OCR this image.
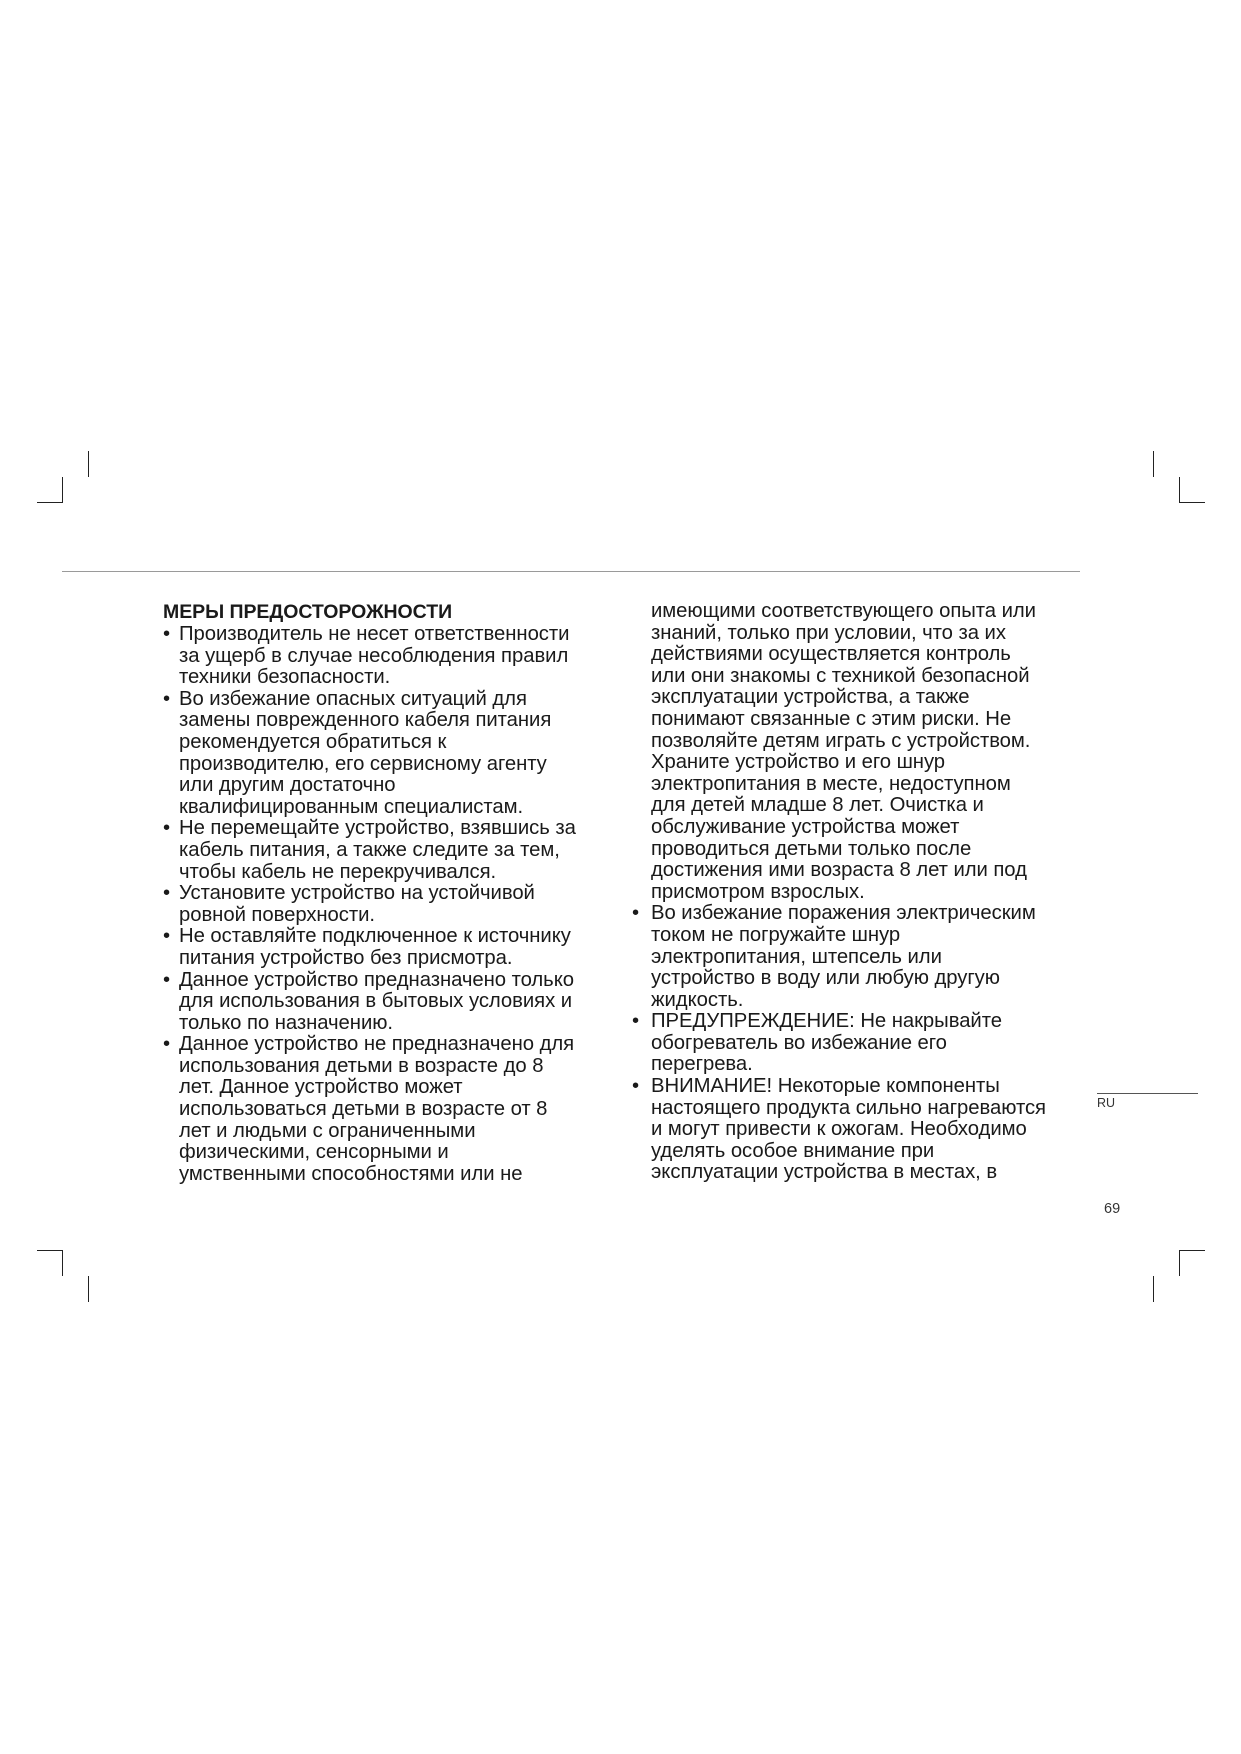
МЕРЫ ПРЕДОСТОРОЖНОСТИ
• Производитель не несет ответственности
за ущерб в случае несоблюдения правил
техники безопасности.
• Во избежание опасных ситуаций для
замены поврежденного кабеля питания
рекомендуется обратиться к
производителю, его сервисному агенту
или другим достаточно
квалифицированным специалистам.
• Не перемещайте устройство, взявшись за
кабель питания, а также следите за тем,
чтобы кабель не перекручивался.
• Установите устройство на устойчивой
ровной поверхности.
• Не оставляйте подключенное к источнику
питания устройство без присмотра.
• Данное устройство предназначено только
для использования в бытовых условиях и
только по назначению.
• Данное устройство не предназначено для
использования детьми в возрасте до 8
лет. Данное устройство может
использоваться детьми в возрасте от 8
лет и людьми с ограниченными
физическими, сенсорными и
умственными способностями или не
имеющими соответствующего опыта или
знаний, только при условии, что за их
действиями осуществляется контроль
или они знакомы с техникой безопасной
эксплуатации устройства, а также
понимают связанные с этим риски. Не
позволяйте детям играть с устройством.
Храните устройство и его шнур
электропитания в месте, недоступном
для детей младше 8 лет. Очистка и
обслуживание устройства может
проводиться детьми только после
достижения ими возраста 8 лет или под
присмотром взрослых.
• Во избежание поражения электрическим
током не погружайте шнур
электропитания, штепсель или
устройство в воду или любую другую
жидкость.
• ПРЕДУПРЕЖДЕНИЕ: Не накрывайте
обогреватель во избежание его
перегрева.
• ВНИМАНИЕ! Некоторые компоненты
настоящего продукта сильно нагреваются
и могут привести к ожогам. Необходимо
уделять особое внимание при
эксплуатации устройства в местах, в
RU
69
